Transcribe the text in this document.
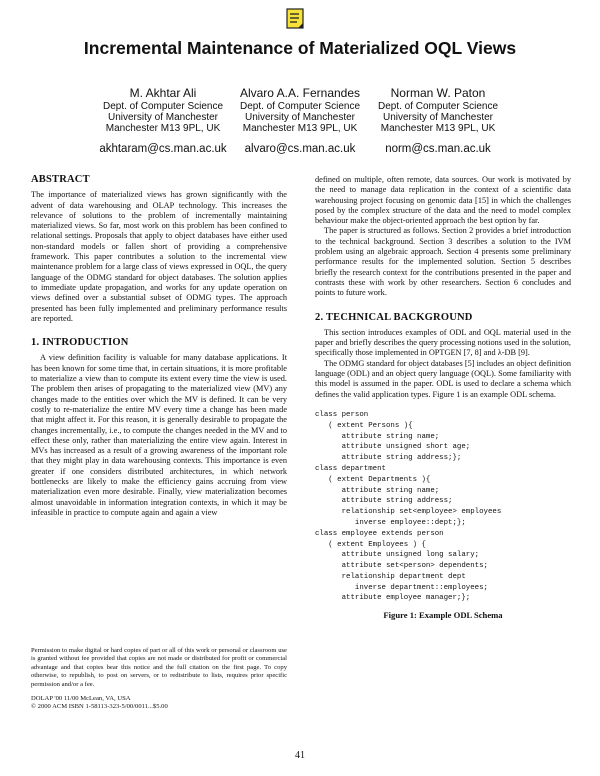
Incremental Maintenance of Materialized OQL Views
M. Akhtar Ali
Dept. of Computer Science
University of Manchester
Manchester M13 9PL, UK
akhtaram@cs.man.ac.uk
Alvaro A.A. Fernandes
Dept. of Computer Science
University of Manchester
Manchester M13 9PL, UK
alvaro@cs.man.ac.uk
Norman W. Paton
Dept. of Computer Science
University of Manchester
Manchester M13 9PL, UK
norm@cs.man.ac.uk
ABSTRACT

The importance of materialized views has grown significantly with the advent of data warehousing and OLAP technology. This increases the relevance of solutions to the problem of incrementally maintaining materialized views. So far, most work on this problem has been confined to relational settings. Proposals that apply to object databases have either used non-standard models or fallen short of providing a comprehensive framework. This paper contributes a solution to the incremental view maintenance problem for a large class of views expressed in OQL, the query language of the ODMG standard for object databases. The solution applies to immediate update propagation, and works for any update operation on views defined over a substantial subset of ODMG types. The approach presented has been fully implemented and preliminary performance results are reported.

1. INTRODUCTION

A view definition facility is valuable for many database applications. It has been known for some time that, in certain situations, it is more profitable to materialize a view than to compute its extent every time the view is used. The problem then arises of propagating to the materialized view (MV) any changes made to the entities over which the MV is defined. It can be very costly to re-materialize the entire MV every time a change has been made that might affect it. For this reason, it is generally desirable to propagate the changes incrementally, i.e., to compute the changes needed in the MV and to effect these only, rather than materializing the entire view again. Interest in MVs has increased as a result of a growing awareness of the important role that they might play in data warehousing contexts. This importance is even greater if one considers distributed architectures, in which network bottlenecks are likely to make the efficiency gains accruing from view materialization even more desirable. Finally, view materialization becomes almost unavoidable in information integration contexts, in which it may be infeasible in practice to compute again and again a view

Permission to make digital or hard copies of part or all of this work or personal or classroom use is granted without fee provided that copies are not made or distributed for profit or commercial advantage and that copies bear this notice and the full citation on the first page. To copy otherwise, to republish, to post on servers, or to redistribute to lists, requires prior specific permission and/or a fee.
DOLAP '00 11/00 McLean, VA, USA
© 2000 ACM ISBN 1-58113-323-5/00/0011...$5.00

defined on multiple, often remote, data sources. Our work is motivated by the need to manage data replication in the context of a scientific data warehousing project focusing on genomic data [15] in which the challenges posed by the complex structure of the data and the need to model complex behaviour make the object-oriented approach the best option by far.

The paper is structured as follows. Section 2 provides a brief introduction to the technical background. Section 3 describes a solution to the IVM problem using an algebraic approach. Section 4 presents some preliminary performance results for the implemented solution. Section 5 describes briefly the research context for the contributions presented in the paper and contrasts these with work by other researchers. Section 6 concludes and points to future work.

2. TECHNICAL BACKGROUND

This section introduces examples of ODL and OQL material used in the paper and briefly describes the query processing notions used in the solution, specifically those implemented in OPTGEN [7, 8] and λ-DB [9].

The ODMG standard for object databases [5] includes an object definition language (ODL) and an object query language (OQL). Some familiarity with this model is assumed in the paper. ODL is used to declare a schema which defines the valid application types. Figure 1 is an example ODL schema.

class person
( extent Persons ){
attribute string name;
attribute unsigned short age;
attribute string address;};
class department
( extent Departments ){
attribute string name;
attribute string address;
relationship set<employee> employees
inverse employee::dept;};
class employee extends person
( extent Employees ) {
attribute unsigned long salary;
attribute set<person> dependents;
relationship department dept
inverse department::employees;
attribute employee manager;};
Figure 1: Example ODL Schema
41
